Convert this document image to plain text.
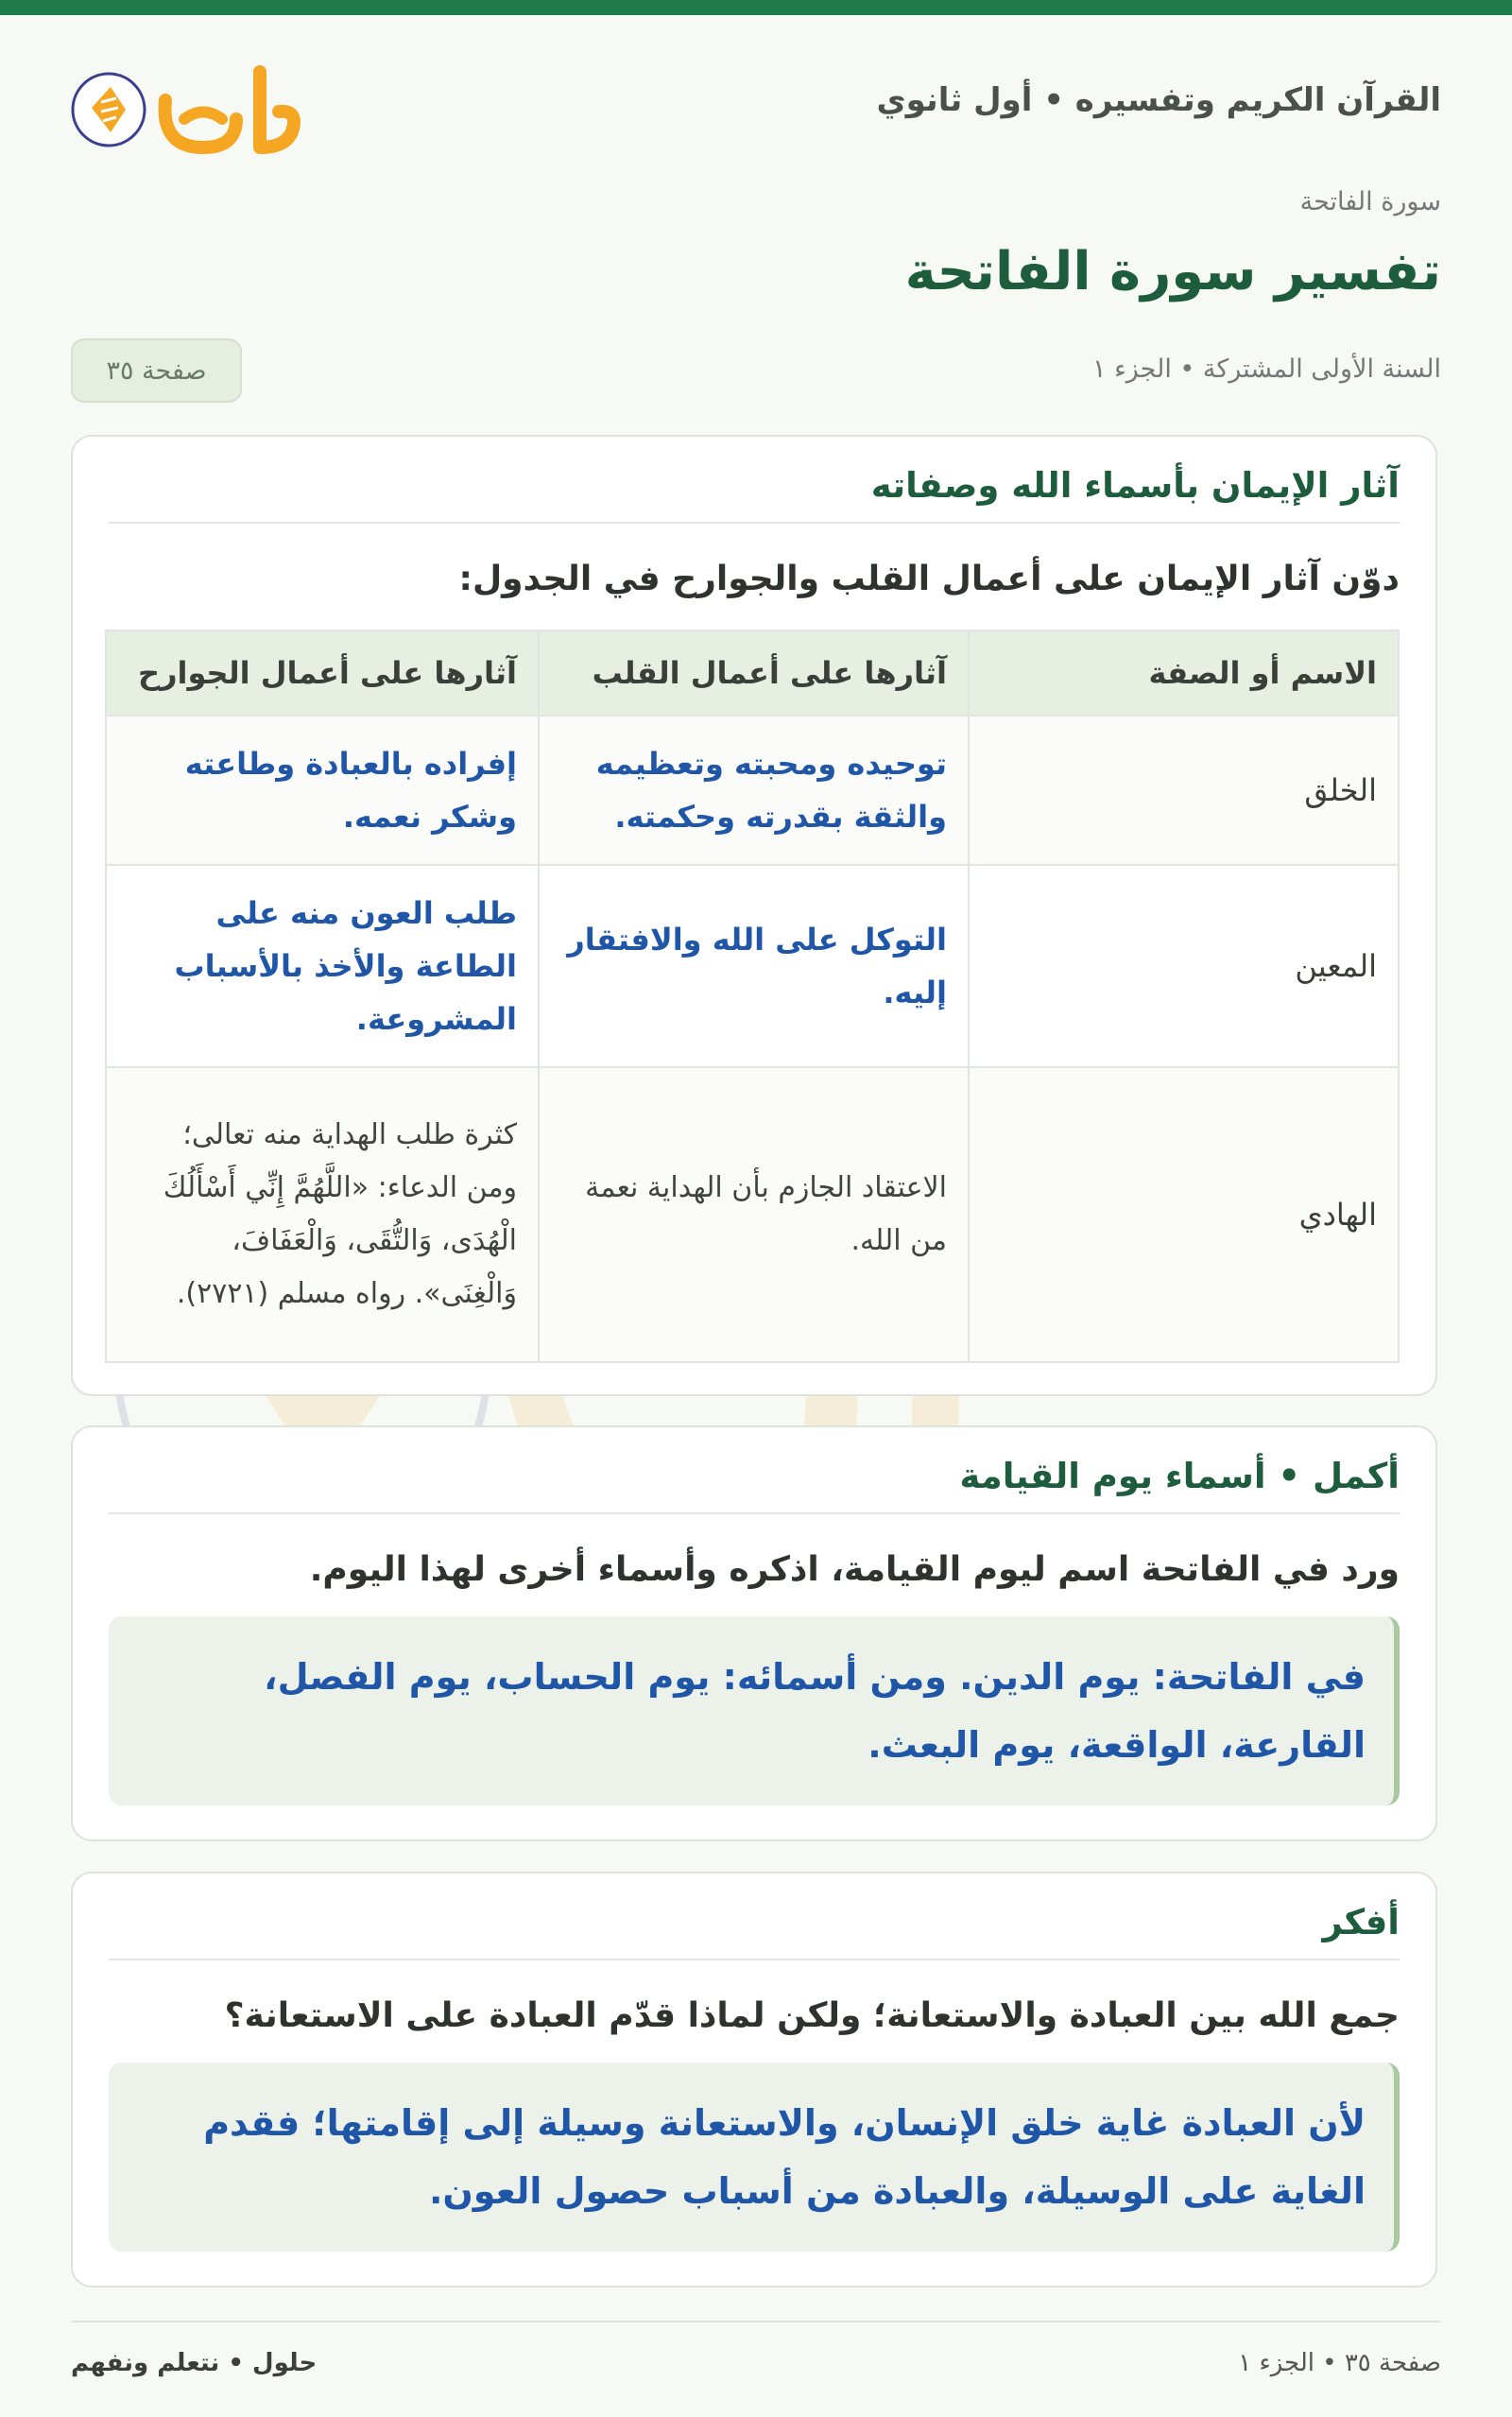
القرآن الكريم وتفسيره • أول ثانوي
سورة الفاتحة
تفسير سورة الفاتحة
السنة الأولى المشتركة • الجزء ١
صفحة ٣٥
آثار الإيمان بأسماء الله وصفاته
دوّن آثار الإيمان على أعمال القلب والجوارح في الجدول:
الاسم أو الصفة	آثارها على أعمال القلب	آثارها على أعمال الجوارح
الخلق	توحيده ومحبته وتعظيمه والثقة بقدرته وحكمته.	إفراده بالعبادة وطاعته وشكر نعمه.
المعين	التوكل على الله والافتقار إليه.	طلب العون منه على الطاعة والأخذ بالأسباب المشروعة.
الهادي	الاعتقاد الجازم بأن الهداية نعمة من الله.	كثرة طلب الهداية منه تعالى؛ ومن الدعاء: «اللَّهُمَّ إِنِّي أَسْأَلُكَ الْهُدَى، وَالتُّقَى، وَالْعَفَافَ، وَالْغِنَى». رواه مسلم (٢٧٢١).
أكمل • أسماء يوم القيامة
ورد في الفاتحة اسم ليوم القيامة، اذكره وأسماء أخرى لهذا اليوم.
في الفاتحة: يوم الدين. ومن أسمائه: يوم الحساب، يوم الفصل، القارعة، الواقعة، يوم البعث.
أفكر
جمع الله بين العبادة والاستعانة؛ ولكن لماذا قدّم العبادة على الاستعانة؟
لأن العبادة غاية خلق الإنسان، والاستعانة وسيلة إلى إقامتها؛ فقدم الغاية على الوسيلة، والعبادة من أسباب حصول العون.
حلول • نتعلم ونفهم	صفحة ٣٥ • الجزء ١
